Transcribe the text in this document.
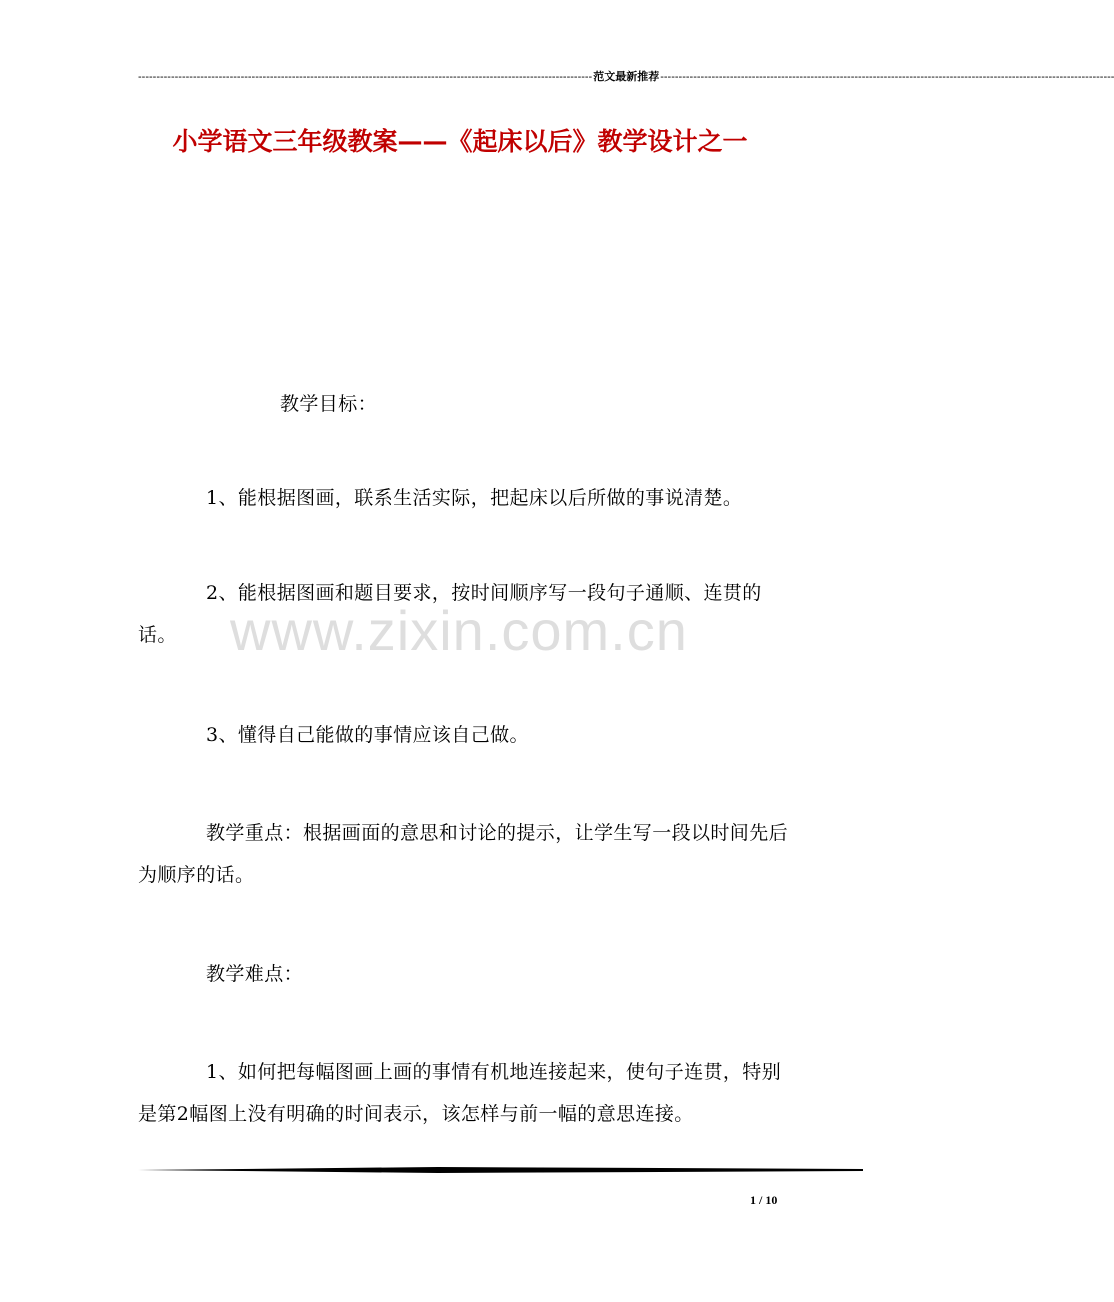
---------------------------------------------------------------------------------------------------------------------------- 范文最新推荐 ----------------------------------------------------------------------------------------------------------------------------
小学语文三年级教案——《起床以后》教学设计之一
教学目标：
1、能根据图画，联系生活实际，把起床以后所做的事说清楚。
2、能根据图画和题目要求，按时间顺序写一段句子通顺、连贯的话。
3、懂得自己能做的事情应该自己做。
教学重点：根据画面的意思和讨论的提示，让学生写一段以时间先后为顺序的话。
教学难点：
1、如何把每幅图画上画的事情有机地连接起来，使句子连贯，特别是第2幅图上没有明确的时间表示，该怎样与前一幅的意思连接。
www.zixin.com.cn
1 / 10
